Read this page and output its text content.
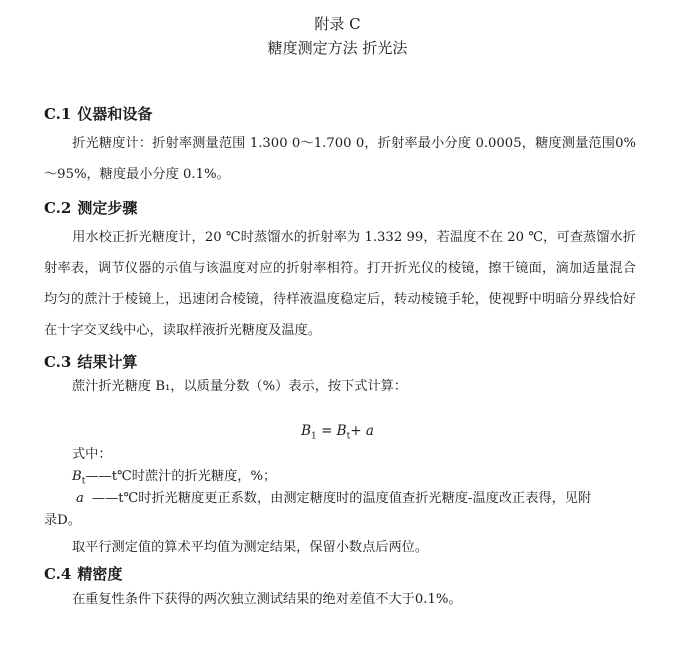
附录 C
糖度测定方法 折光法
C.1 仪器和设备
折光糖度计：折射率测量范围 1.300 0～1.700 0，折射率最小分度 0.0005，糖度测量范围0%～95%，糖度最小分度 0.1%。
C.2 测定步骤
用水校正折光糖度计，20 ℃时蒸馏水的折射率为 1.332 99，若温度不在 20 ℃，可查蒸馏水折射率表，调节仪器的示值与该温度对应的折射率相符。打开折光仪的棱镜，擦干镜面，滴加适量混合均匀的蔗汁于棱镜上，迅速闭合棱镜，待样液温度稳定后，转动棱镜手轮，使视野中明暗分界线恰好在十字交叉线中心，读取样液折光糖度及温度。
C.3 结果计算
蔗汁折光糖度 B₁，以质量分数（%）表示，按下式计算：
$B_1 = B_t+ a$
式中：
$B_t——t℃$时蔗汁的折光糖度，%；
a ——t℃时折光糖度更正系数，由测定糖度时的温度值查折光糖度-温度改正表得，见附
录D。
取平行测定值的算术平均值为测定结果，保留小数点后两位。
C.4 精密度
在重复性条件下获得的两次独立测试结果的绝对差值不大于0.1%。
